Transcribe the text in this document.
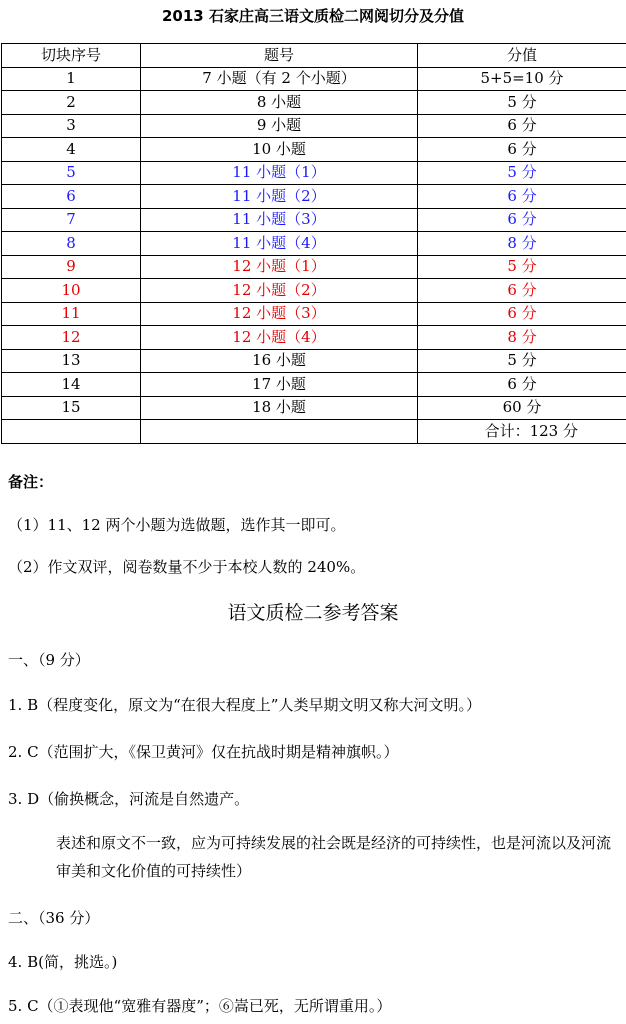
2013 石家庄高三语文质检二网阅切分及分值
切块序号	题号	分值
1	7 小题（有 2 个小题）	5+5=10 分
2	8 小题	5 分
3	9 小题	6 分
4	10 小题	6 分
5	11 小题（1）	5 分
6	11 小题（2）	6 分
7	11 小题（3）	6 分
8	11 小题（4）	8 分
9	12 小题（1）	5 分
10	12 小题（2）	6 分
11	12 小题（3）	6 分
12	12 小题（4）	8 分
13	16 小题	5 分
14	17 小题	6 分
15	18 小题	60 分
		合计：123 分
备注：
（1）11、12 两个小题为选做题，选作其一即可。
（2）作文双评，阅卷数量不少于本校人数的 240%。
语文质检二参考答案
一、（9 分）
1. B（程度变化，原文为“在很大程度上”人类早期文明又称大河文明。）
2. C（范围扩大，《保卫黄河》仅在抗战时期是精神旗帜。）
3. D（偷换概念，河流是自然遗产。
表述和原文不一致，应为可持续发展的社会既是经济的可持续性，也是河流以及河流审美和文化价值的可持续性）
二、（36 分）
4. B(简，挑选。)
5. C（①表现他“宽雅有器度”；⑥嵩已死，无所谓重用。）
